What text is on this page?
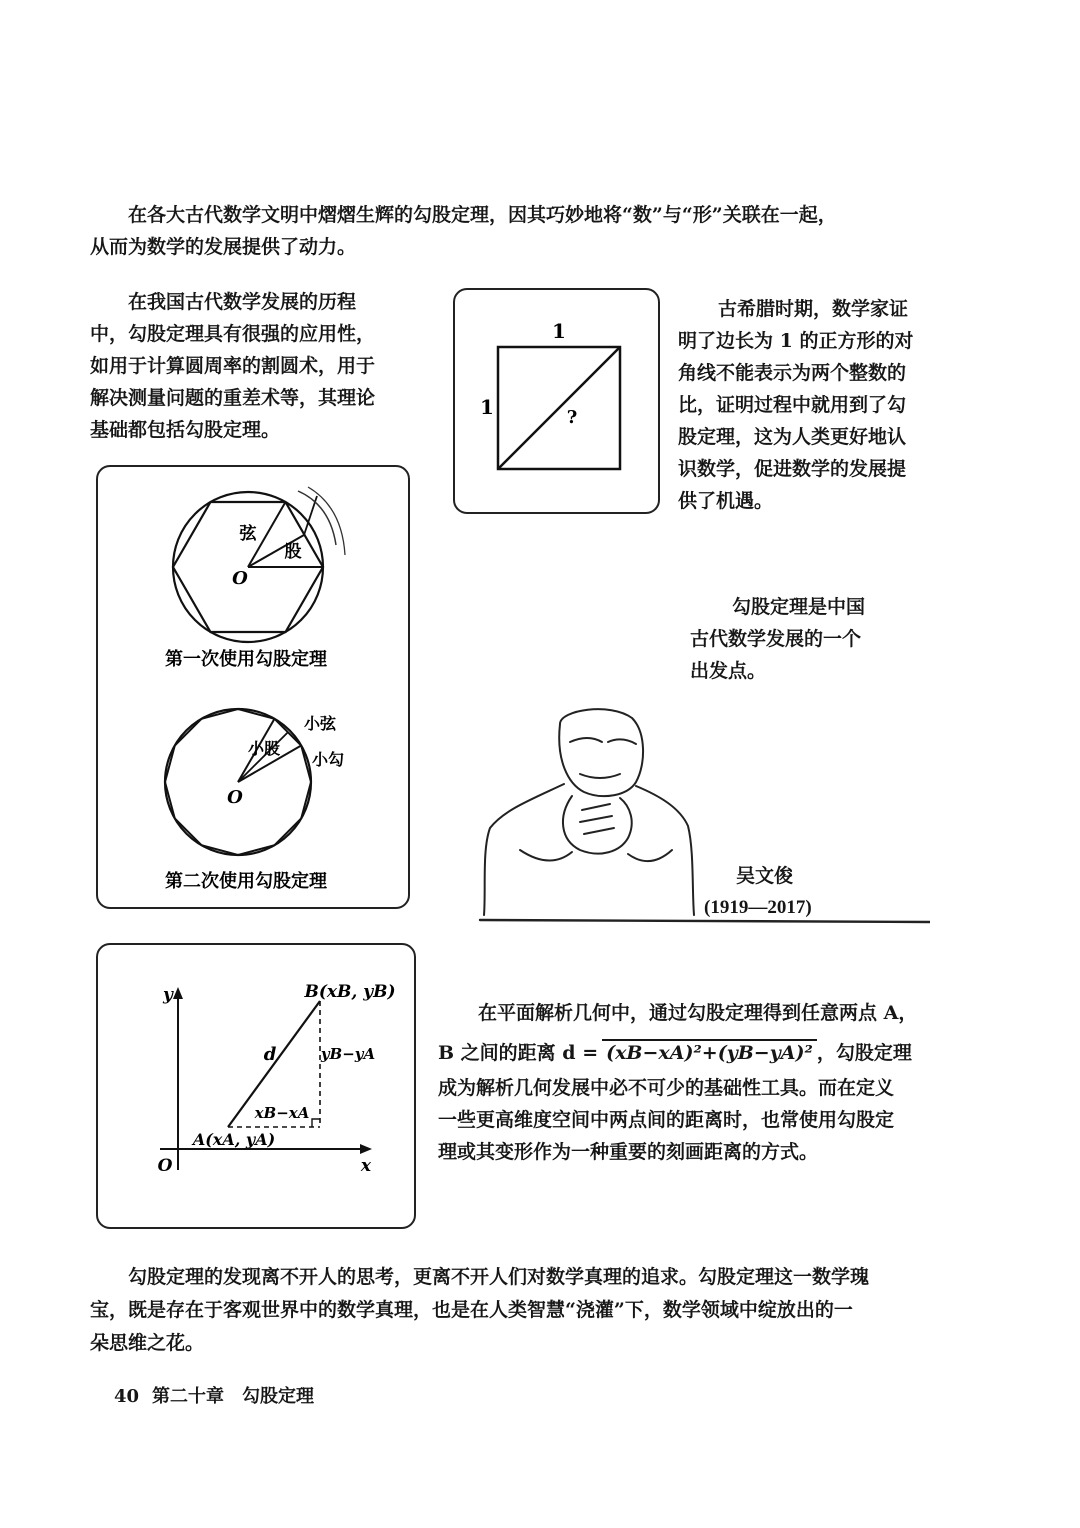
在各大古代数学文明中熠熠生辉的勾股定理，因其巧妙地将“数”与“形”关联在一起，

从而为数学的发展提供了动力。

在我国古代数学发展的历程

中，勾股定理具有很强的应用性，

如用于计算圆周率的割圆术，用于

解决测量问题的重差术等，其理论

基础都包括勾股定理。

1
1	?

古希腊时期，数学家证

明了边长为 1 的正方形的对

角线不能表示为两个整数的

比，证明过程中就用到了勾

股定理，这为人类更好地认

识数学，促进数学的发展提

供了机遇。

弦
股
O
第一次使用勾股定理
小弦
小股
小勾
O
第二次使用勾股定理

勾股定理是中国

古代数学发展的一个

出发点。

吴文俊

(1919—2017)

y
x
O
B(xB, yB)
A(xA, yA)
d	yB−yA
xB−xA

在平面解析几何中，通过勾股定理得到任意两点 A，

B 之间的距离 d = (xB−xA)²+(yB−yA)² ，勾股定理

成为解析几何发展中必不可少的基础性工具。而在定义

一些更高维度空间中两点间的距离时，也常使用勾股定

理或其变形作为一种重要的刻画距离的方式。

勾股定理的发现离不开人的思考，更离不开人们对数学真理的追求。勾股定理这一数学瑰

宝，既是存在于客观世界中的数学真理，也是在人类智慧“浇灌”下，数学领域中绽放出的一

朵思维之花。

40 第二十章　勾股定理
